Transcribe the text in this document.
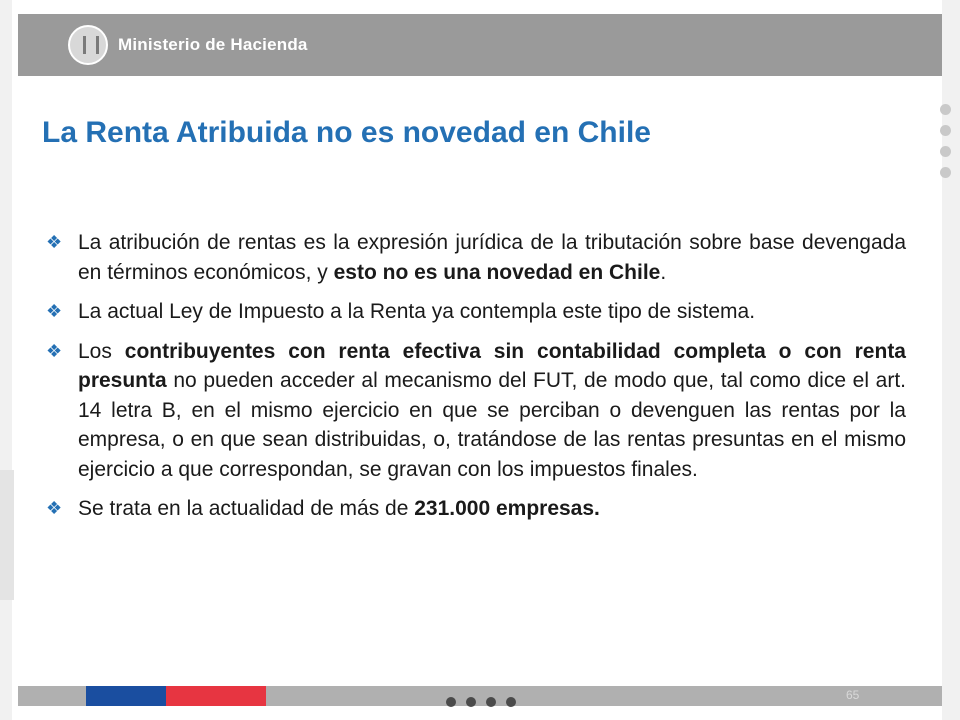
Ministerio de Hacienda
La Renta Atribuida no es novedad en Chile
❖ La atribución de rentas es la expresión jurídica de la tributación sobre base devengada en términos económicos, y esto no es una novedad en Chile.
❖ La actual Ley de Impuesto a la Renta ya contempla este tipo de sistema.
❖ Los contribuyentes con renta efectiva sin contabilidad completa o con renta presunta no pueden acceder al mecanismo del FUT, de modo que, tal como dice el art. 14 letra B, en el mismo ejercicio en que se perciban o devenguen las rentas por la empresa, o en que sean distribuidas, o, tratándose de las rentas presuntas en el mismo ejercicio a que correspondan, se gravan con los impuestos finales.
❖ Se trata en la actualidad de más de 231.000 empresas.
65
